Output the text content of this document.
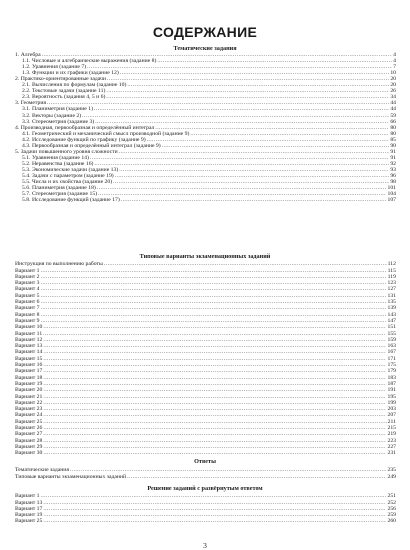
СОДЕРЖАНИЕ
Тематические задания
1. Алгебра .....	4
1.1. Числовые и алгебраические выражения (задание 8) .....	4
1.2. Уравнения (задание 7) .....	7
1.3. Функции и их графики (задание 12) .....	10
2. Практико-ориентированные задачи .....	20
2.1. Вычисления по формулам (задание 10) .....	20
2.2. Текстовые задачи (задание 11) .....	26
2.3. Вероятность (задания 4, 5 и 6) .....	34
3. Геометрия .....	44
3.1. Планиметрия (задание 1) .....	44
3.2. Векторы (задание 2) .....	59
3.3. Стереометрия (задание 3) .....	66
4. Производная, первообразная и определённый интеграл .....	80
4.1. Геометрический и механический смысл производной (задание 9) .....	80
4.2. Исследование функций по графику (задание 9) .....	85
4.3. Первообразная и определённый интеграл (задание 9) .....	90
5. Задачи повышенного уровня сложности .....	91
5.1. Уравнения (задание 14) .....	91
5.2. Неравенства (задание 16) .....	92
5.3. Экономические задачи (задание 13) .....	93
5.4. Задачи с параметром (задание 19) .....	96
5.5. Числа и их свойства (задание 20) .....	98
5.6. Планиметрия (задание 18) .....	101
5.7. Стереометрия (задание 15) .....	104
5.8. Исследование функций (задание 17) .....	107
Типовые варианты экзаменационных заданий
Инструкция по выполнению работы .....	112
Вариант 1 .....	115
Вариант 2 .....	119
Вариант 3 .....	123
Вариант 4 .....	127
Вариант 5 .....	131
Вариант 6 .....	135
Вариант 7 .....	139
Вариант 8 .....	143
Вариант 9 .....	147
Вариант 10 .....	151
Вариант 11 .....	155
Вариант 12 .....	159
Вариант 13 .....	163
Вариант 14 .....	167
Вариант 15 .....	171
Вариант 16 .....	175
Вариант 17 .....	179
Вариант 18 .....	183
Вариант 19 .....	187
Вариант 20 .....	191
Вариант 21 .....	195
Вариант 22 .....	199
Вариант 23 .....	203
Вариант 24 .....	207
Вариант 25 .....	211
Вариант 26 .....	215
Вариант 27 .....	219
Вариант 28 .....	223
Вариант 29 .....	227
Вариант 30 .....	231
Ответы
Тематические задания .....	235
Типовые варианты экзаменационных заданий .....	249
Решение заданий с развёрнутым ответом
Вариант 1 .....	251
Вариант 13 .....	252
Вариант 17 .....	256
Вариант 19 .....	259
Вариант 25 .....	260
3
